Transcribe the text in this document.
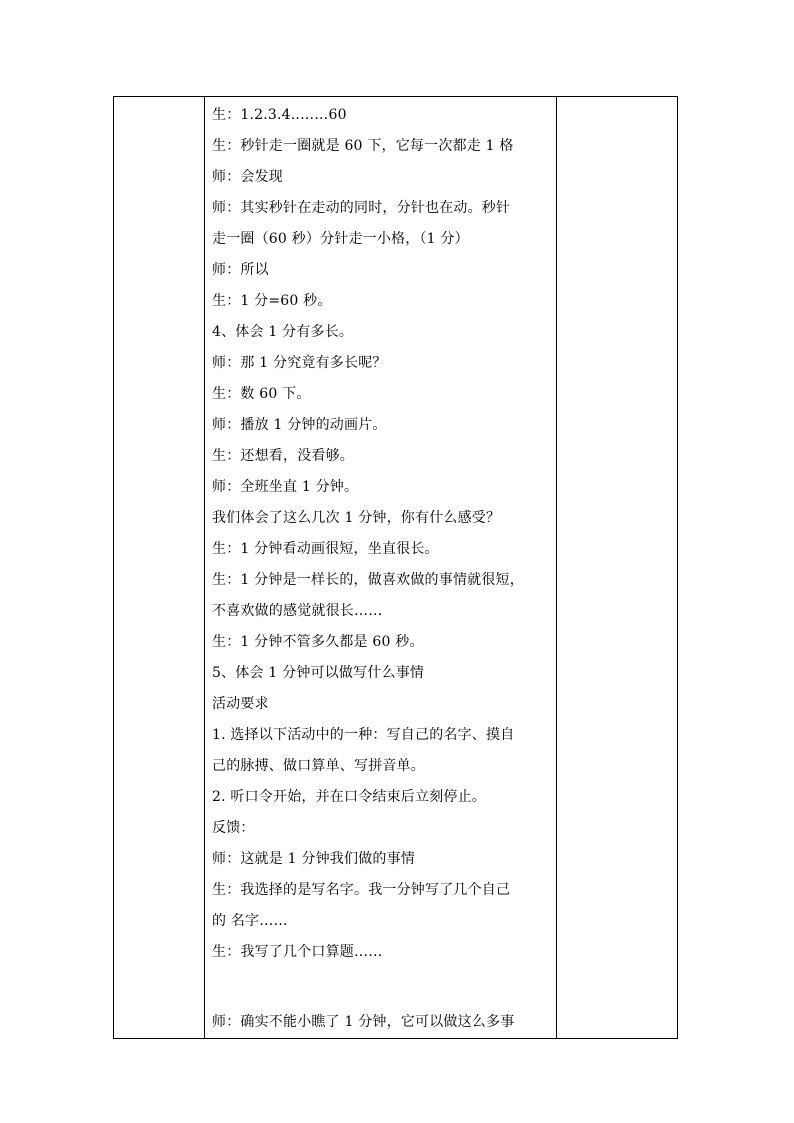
生：1.2.3.4..……60
生：秒针走一圈就是 60 下，它每一次都走 1 格
师：会发现
师：其实秒针在走动的同时，分针也在动。秒针
走一圈（60 秒）分针走一小格，（1 分）
师：所以
生：1 分=60 秒。
4、体会 1 分有多长。
师：那 1 分究竟有多长呢？
生：数 60 下。
师：播放 1 分钟的动画片。
生：还想看，没看够。
师：全班坐直 1 分钟。
我们体会了这么几次 1 分钟，你有什么感受？
生：1 分钟看动画很短，坐直很长。
生：1 分钟是一样长的，做喜欢做的事情就很短，
不喜欢做的感觉就很长……
生：1 分钟不管多久都是 60 秒。
5、体会 1 分钟可以做写什么事情
活动要求
1. 选择以下活动中的一种：写自己的名字、摸自
己的脉搏、做口算单、写拼音单。
2. 听口令开始，并在口令结束后立刻停止。
反馈：
师：这就是 1 分钟我们做的事情
生：我选择的是写名字。我一分钟写了几个自己
的 名字……
生：我写了几个口算题……
师：确实不能小瞧了 1 分钟，它可以做这么多事
